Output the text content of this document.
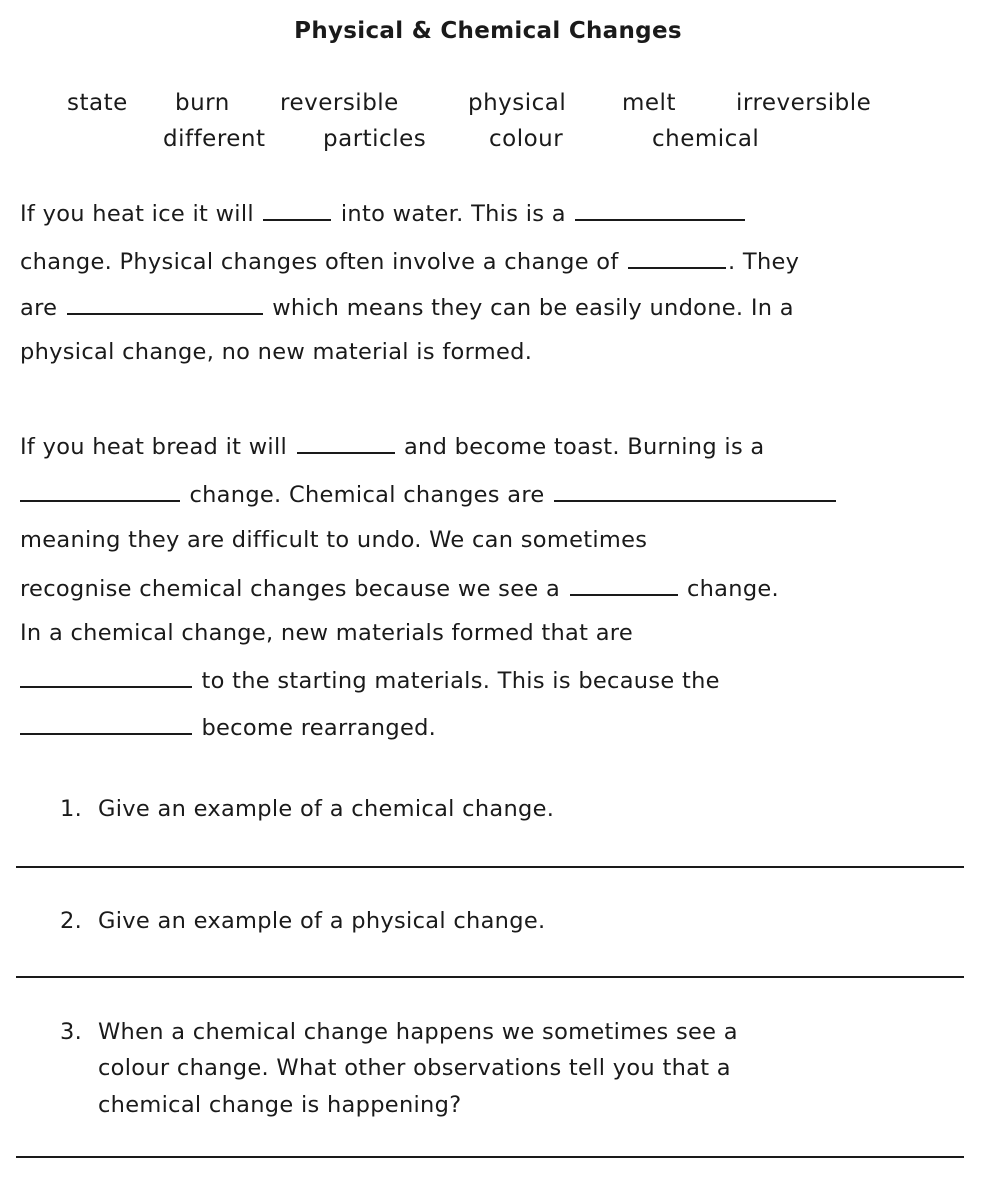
Physical & Chemical Changes
state burn reversible	physical melt	irreversible
different particles	colour	chemical
If you heat ice it will	into water. This is a
change. Physical changes often involve a change of	. They
are	which means they can be easily undone. In a
physical change, no new material is formed.
If you heat bread it will	and become toast. Burning is a
change. Chemical changes are
meaning they are difficult to undo. We can sometimes
recognise chemical changes because we see a	change.
In a chemical change, new materials formed that are
to the starting materials. This is because the
become rearranged.
1. Give an example of a chemical change.
2. Give an example of a physical change.
3. When a chemical change happens we sometimes see a
colour change. What other observations tell you that a
chemical change is happening?
